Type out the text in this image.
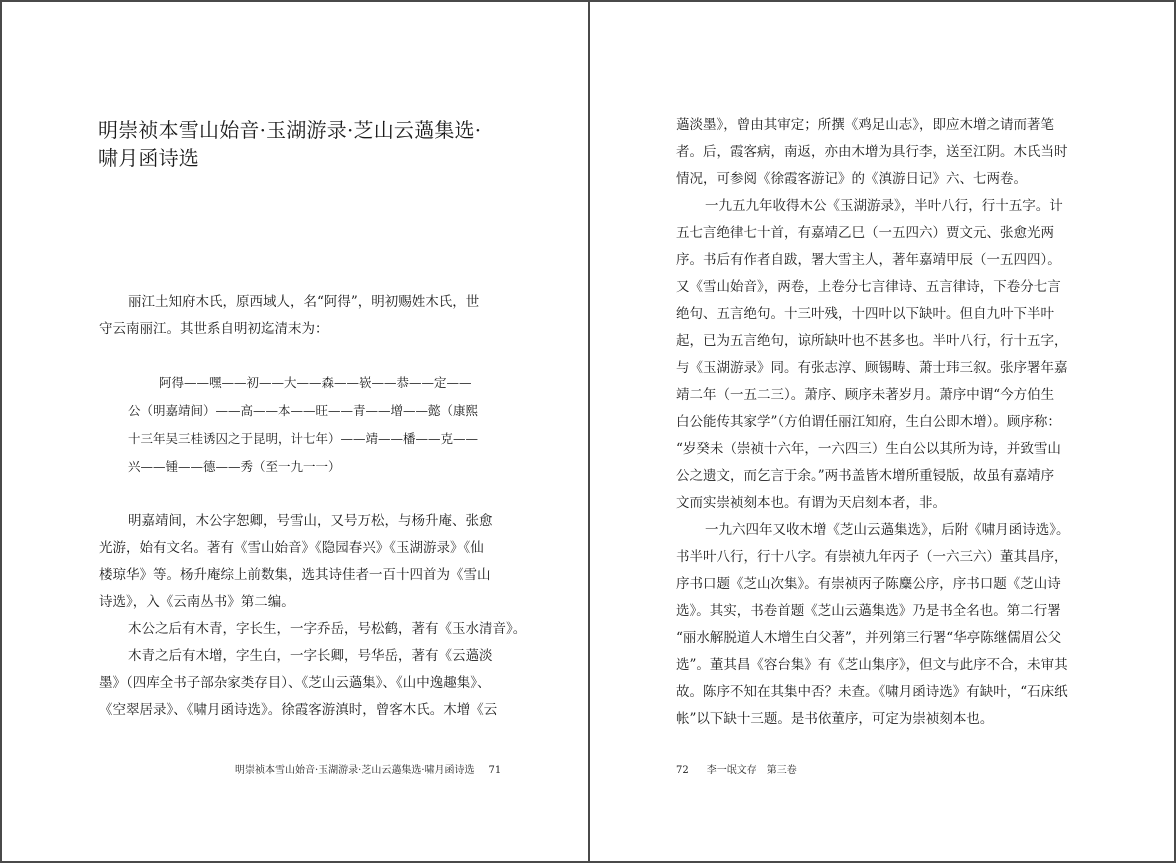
明崇祯本雪山始音·玉湖游录·芝山云薖集选·
啸月函诗选

丽江土知府木氏，原西域人，名“阿得”，明初赐姓木氏，世

守云南丽江。其世系自明初迄清末为：

阿得——嘿——初——大——森——嵚——恭——定——

公（明嘉靖间）——高——本——旺——青——增——懿（康熙

十三年吴三桂诱囚之于昆明，计七年）——靖——橎——克——

兴——锺——德——秀（至一九一一）

明嘉靖间，木公字恕卿，号雪山，又号万松，与杨升庵、张愈

光游，始有文名。著有《雪山始音》《隐园春兴》《玉湖游录》《仙

楼琼华》等。杨升庵综上前数集，选其诗佳者一百十四首为《雪山

诗选》，入《云南丛书》第二编。

木公之后有木青，字长生，一字乔岳，号松鹤，著有《玉水清音》。

木青之后有木增，字生白，一字长卿，号华岳，著有《云薖淡

墨》（四库全书子部杂家类存目）、《芝山云薖集》、《山中逸趣集》、

《空翠居录》、《啸月函诗选》。徐霞客游滇时，曾客木氏。木增《云

明崇祯本雪山始音·玉湖游录·芝山云薖集选·啸月函诗选 71

薖淡墨》，曾由其审定；所撰《鸡足山志》，即应木增之请而著笔

者。后，霞客病，南返，亦由木增为具行李，送至江阴。木氏当时

情况，可参阅《徐霞客游记》的《滇游日记》六、七两卷。

一九五九年收得木公《玉湖游录》，半叶八行，行十五字。计

五七言绝律七十首，有嘉靖乙巳（一五四六）贾文元、张愈光两

序。书后有作者自跋，署大雪主人，著年嘉靖甲辰（一五四四）。

又《雪山始音》，两卷，上卷分七言律诗、五言律诗，下卷分七言

绝句、五言绝句。十三叶残，十四叶以下缺叶。但自九叶下半叶

起，已为五言绝句，谅所缺叶也不甚多也。半叶八行，行十五字，

与《玉湖游录》同。有张志淳、顾锡畴、萧士玮三叙。张序署年嘉

靖二年（一五二三）。萧序、顾序未著岁月。萧序中谓“今方伯生

白公能传其家学”（方伯谓任丽江知府，生白公即木增）。顾序称：

“岁癸未（崇祯十六年，一六四三）生白公以其所为诗，并致雪山

公之遗文，而乞言于余。”两书盖皆木增所重锓版，故虽有嘉靖序

文而实崇祯刻本也。有谓为天启刻本者，非。

一九六四年又收木增《芝山云薖集选》，后附《啸月函诗选》。

书半叶八行，行十八字。有崇祯九年丙子（一六三六）董其昌序，

序书口题《芝山次集》。有崇祯丙子陈麋公序，序书口题《芝山诗

选》。其实，书卷首题《芝山云薖集选》乃是书全名也。第二行署

“丽水解脱道人木增生白父著”，并列第三行署“华亭陈继儒眉公父

选”。董其昌《容台集》有《芝山集序》，但文与此序不合，未审其

故。陈序不知在其集中否？未查。《啸月函诗选》有缺叶，“石床纸

帐”以下缺十三题。是书依董序，可定为崇祯刻本也。

72 李一氓文存　第三卷
